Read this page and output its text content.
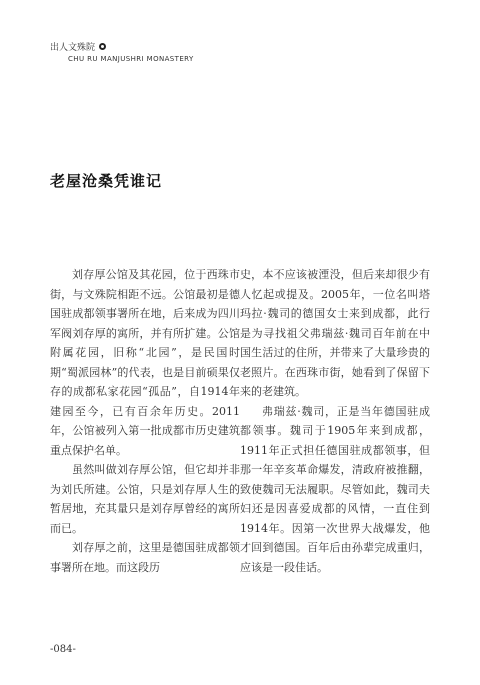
出人文殊院
CHU RU MANJUSHRI MONASTERY
老屋沧桑凭谁记

刘存厚公馆及其花园，位于西珠市街，与文殊院相距不远。公馆最初是德国驻成都领事署所在地，后来成为四川军阀刘存厚的寓所，并有所扩建。公馆附属花园，旧称“北园”，是民国时期“蜀派园林”的代表，也是目前硕果仅存的成都私家花园“孤品”，自1914年建园至今，已有百余年历史。2011年，公馆被列入第一批成都市历史建筑重点保护名单。

虽然叫做刘存厚公馆，但它却并非为刘氏所建。公馆，只是刘存厚人生的暂居地，充其量只是刘存厚曾经的寓所而已。

刘存厚之前，这里是德国驻成都领事署所在地。而这段历

史，本不应该被湮没，但后来却很少有人忆起或提及。2005年，一位名叫塔玛拉·魏司的德国女士来到成都，此行是为寻找祖父弗瑞兹·魏司百年前在中国生活过的住所，并带来了大量珍贵的老照片。在西珠市街，她看到了保留下来的老建筑。

弗瑞兹·魏司，正是当年德国驻成都领事。魏司于1905年来到成都，1911年正式担任德国驻成都领事，但那一年辛亥革命爆发，清政府被推翻，致使魏司无法履职。尽管如此，魏司夫妇还是因喜爱成都的风情，一直住到1914年。因第一次世界大战爆发，他才回到德国。百年后由孙辈完成重归，应该是一段佳话。

-084-
